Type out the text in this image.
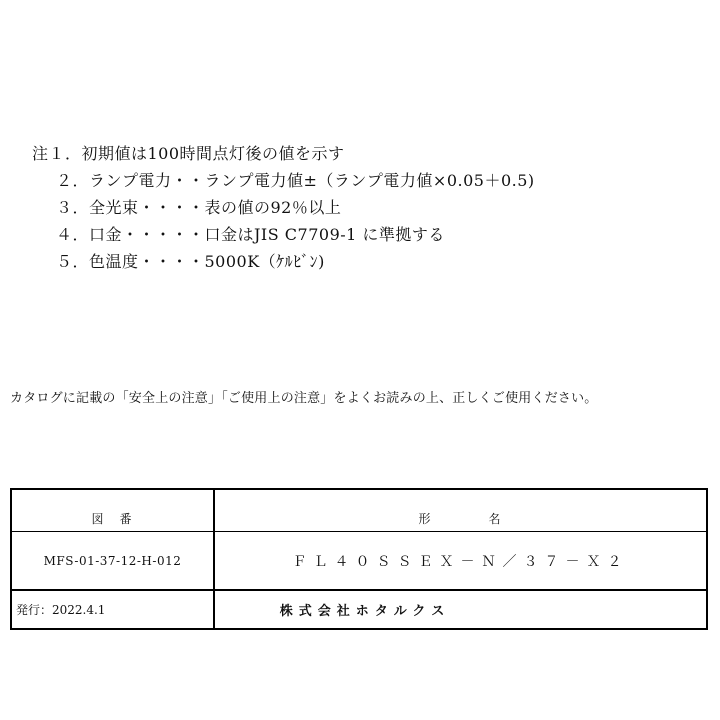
注１．初期値は100時間点灯後の値を示す
２．ランプ電力・・ランプ電力値±（ランプ電力値×0.05＋0.5)
３．全光束・・・・表の値の92％以上
４．口金・・・・・口金はJIS C7709-1 に準拠する
５．色温度・・・・5000K（ｹﾙﾋﾞﾝ)
カタログに記載の「安全上の注意」「ご使用上の注意」をよくお読みの上、正しくご使用ください。
図　番	形　　　　名
MFS-01-37-12-H-012	ＦＬ４０ＳＳＥＸ－Ｎ／３７－Ｘ２
発行：2022.4.1	株式会社ホタルクス
